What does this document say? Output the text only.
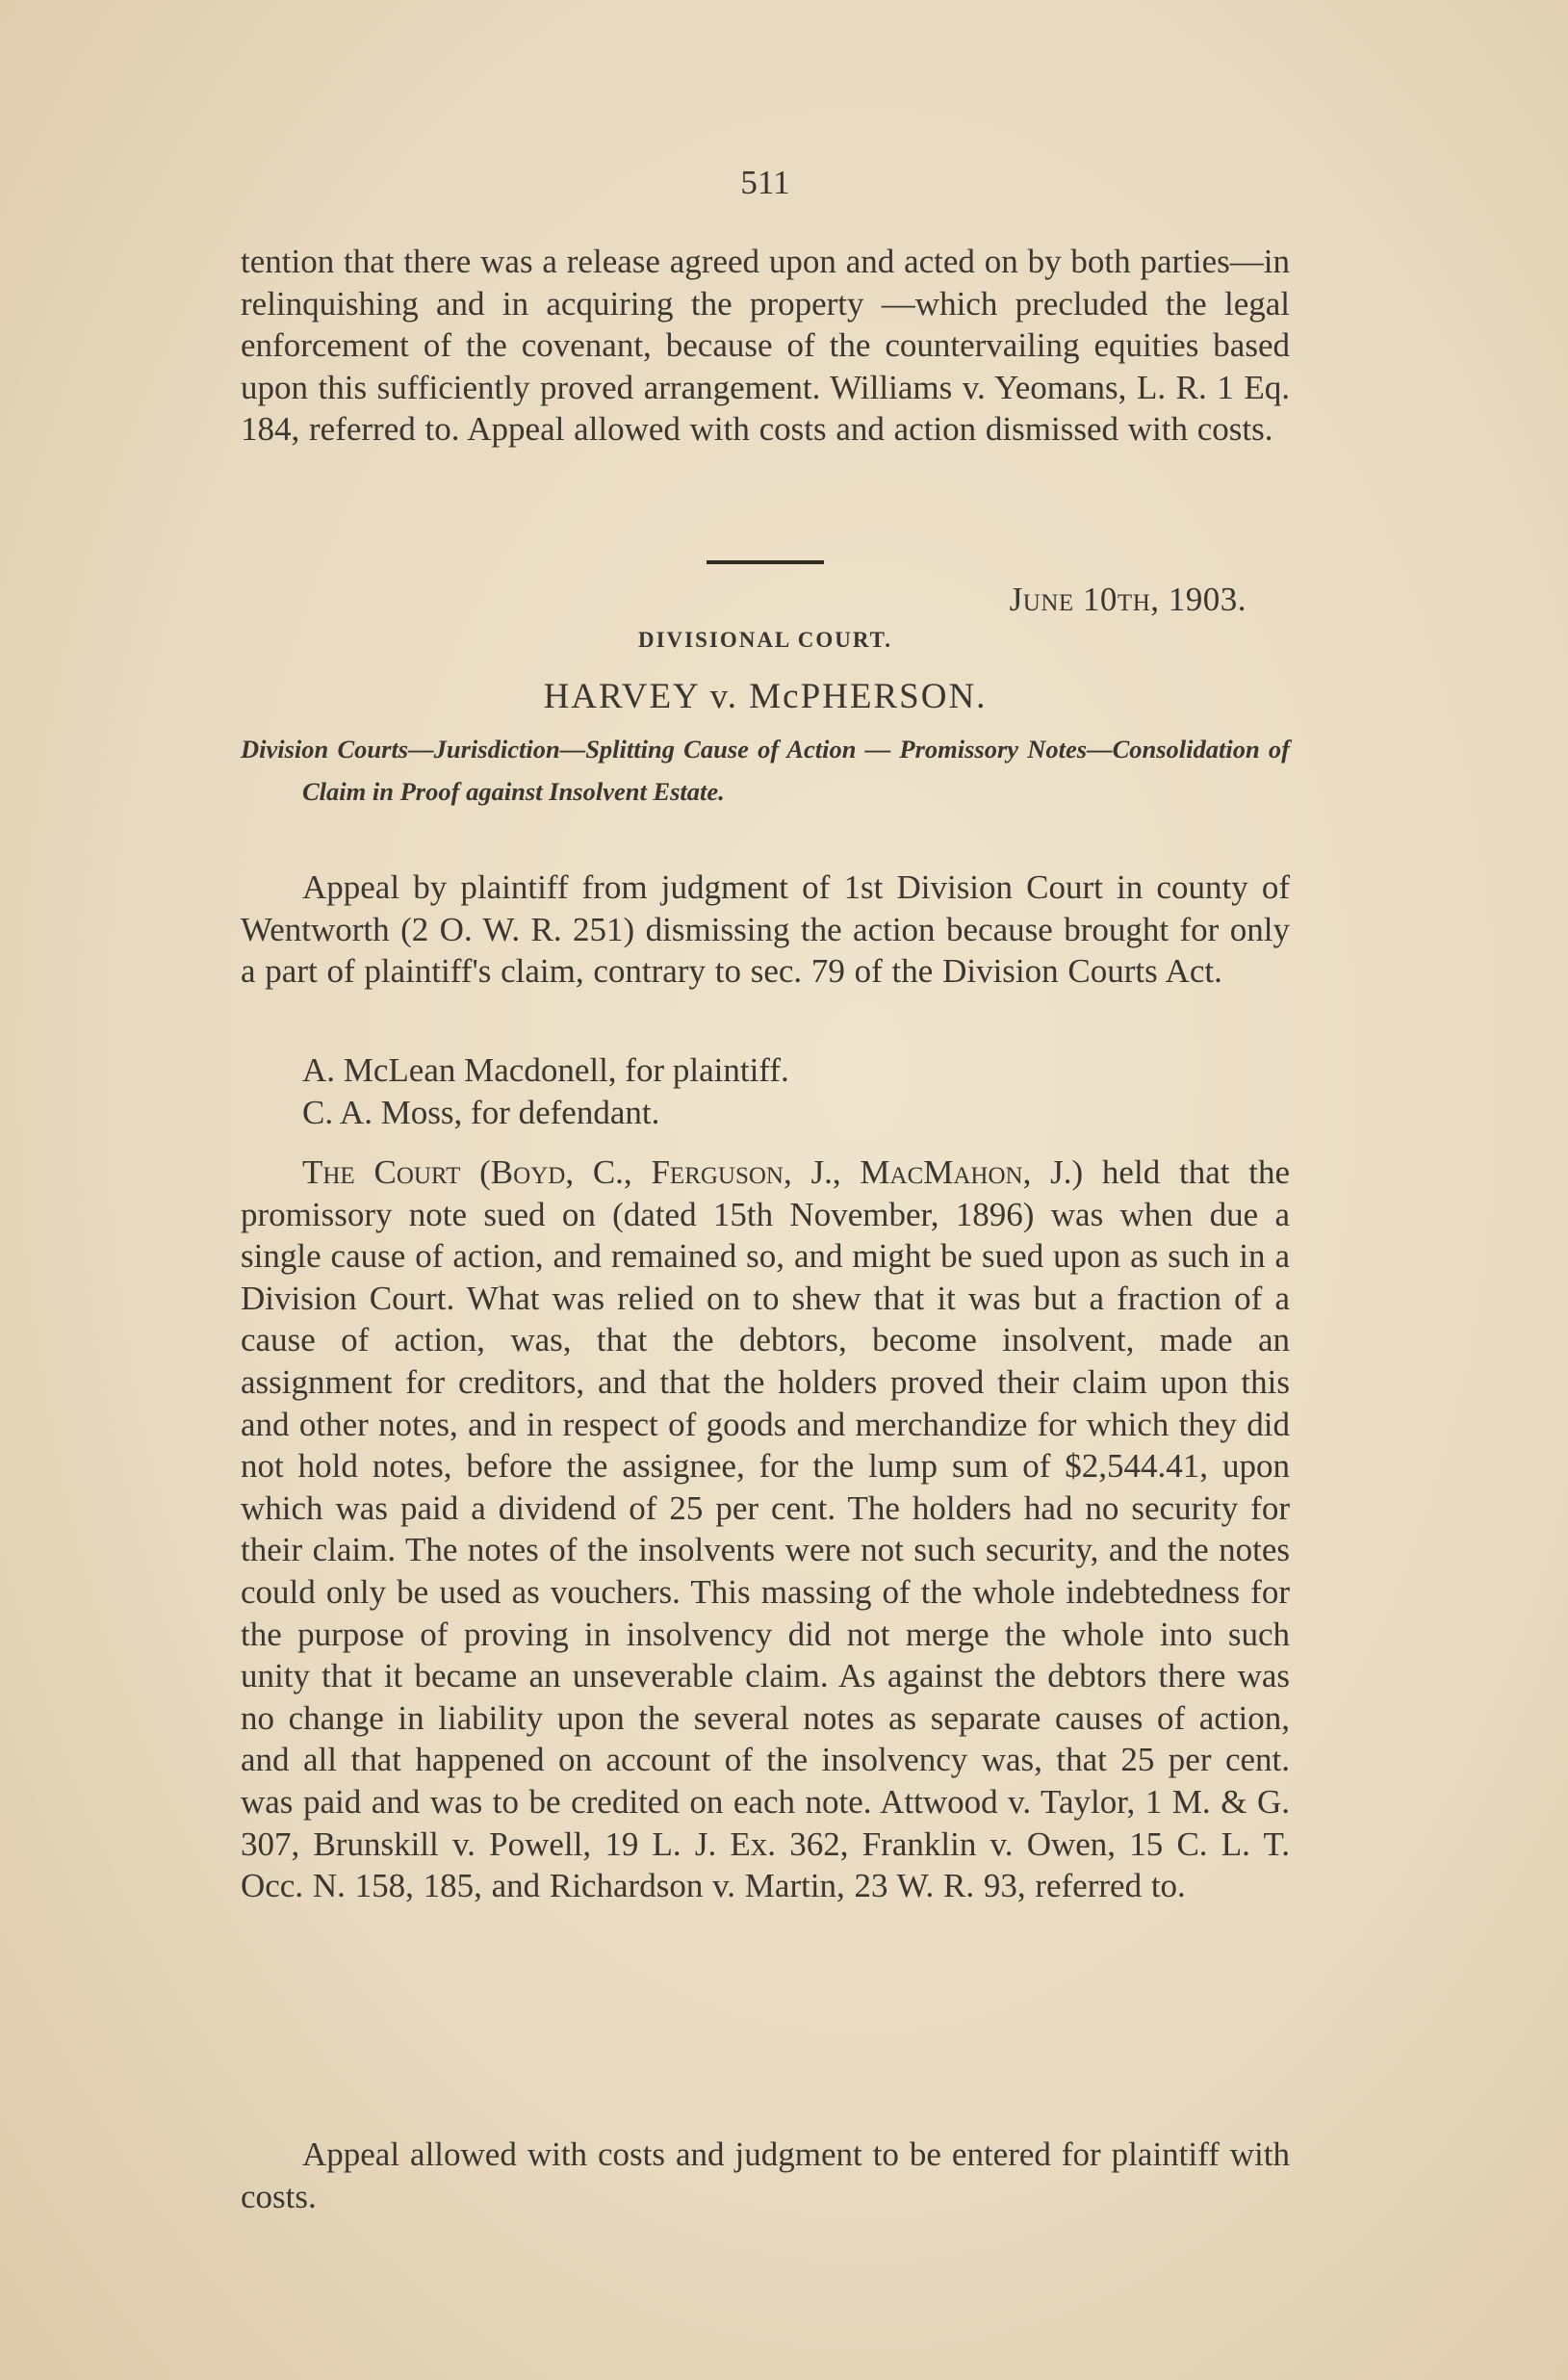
511

tention that there was a release agreed upon and acted on by both parties—in relinquishing and in acquiring the property —which precluded the legal enforcement of the covenant, because of the countervailing equities based upon this sufficiently proved arrangement. Williams v. Yeomans, L. R. 1 Eq. 184, referred to. Appeal allowed with costs and action dismissed with costs.

June 10th, 1903.
DIVISIONAL COURT.
HARVEY v. McPHERSON.

Division Courts—Jurisdiction—Splitting Cause of Action — Promissory Notes—Consolidation of Claim in Proof against Insolvent Estate.

Appeal by plaintiff from judgment of 1st Division Court in county of Wentworth (2 O. W. R. 251) dismissing the action because brought for only a part of plaintiff's claim, contrary to sec. 79 of the Division Courts Act.

A. McLean Macdonell, for plaintiff.

C. A. Moss, for defendant.

The Court (Boyd, C., Ferguson, J., MacMahon, J.) held that the promissory note sued on (dated 15th November, 1896) was when due a single cause of action, and remained so, and might be sued upon as such in a Division Court. What was relied on to shew that it was but a fraction of a cause of action, was, that the debtors, become insolvent, made an assignment for creditors, and that the holders proved their claim upon this and other notes, and in respect of goods and merchandize for which they did not hold notes, before the assignee, for the lump sum of $2,544.41, upon which was paid a dividend of 25 per cent. The holders had no security for their claim. The notes of the insolvents were not such security, and the notes could only be used as vouchers. This massing of the whole indebtedness for the purpose of proving in insolvency did not merge the whole into such unity that it became an unseverable claim. As against the debtors there was no change in liability upon the several notes as separate causes of action, and all that happened on account of the insolvency was, that 25 per cent. was paid and was to be credited on each note. Attwood v. Taylor, 1 M. & G. 307, Brunskill v. Powell, 19 L. J. Ex. 362, Franklin v. Owen, 15 C. L. T. Occ. N. 158, 185, and Richardson v. Martin, 23 W. R. 93, referred to.

Appeal allowed with costs and judgment to be entered for plaintiff with costs.
